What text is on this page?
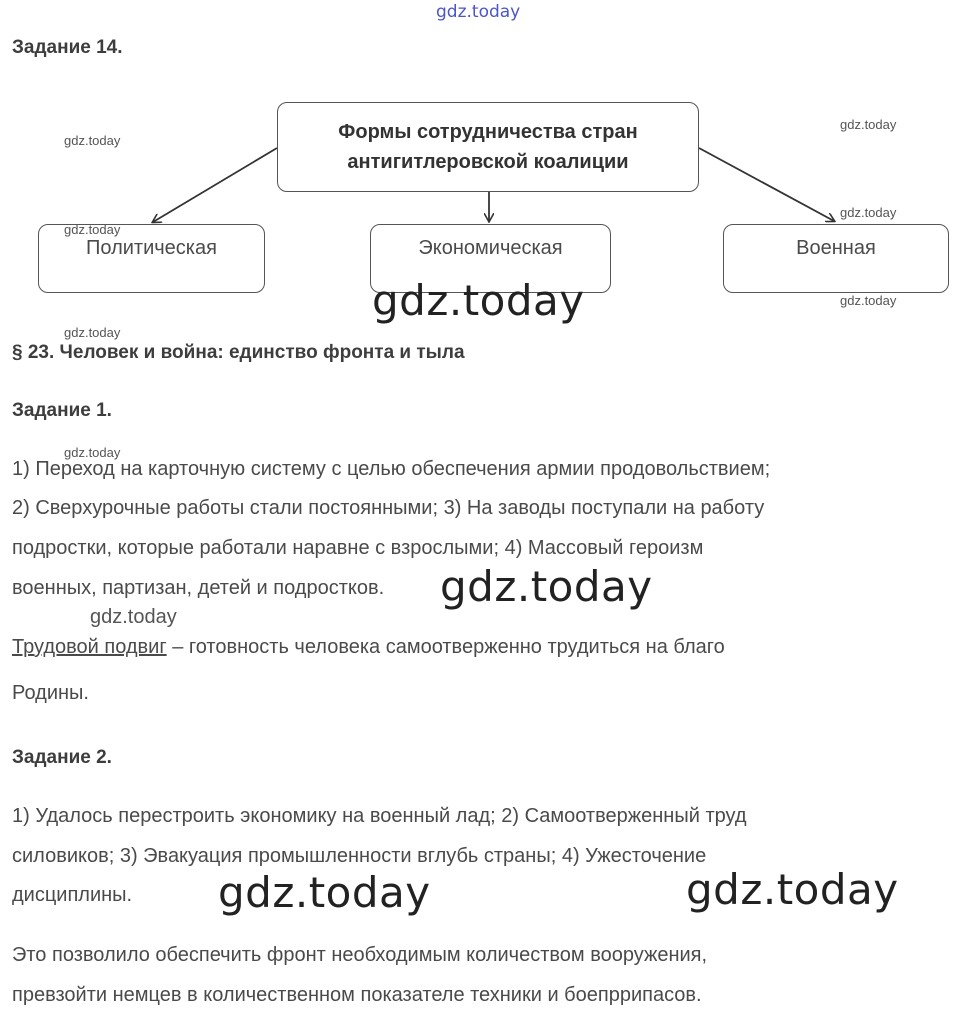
gdz.today
Задание 14.
Формы сотрудничества стран
антигитлеровской коалиции
Политическая	Экономическая	Военная
gdz.today
gdz.today
gdz.today
gdz.today
gdz.today
gdz.today
gdz.today
gdz.today
gdz.today
§ 23. Человек и война: единство фронта и тыла
Задание 1.
1) Переход на карточную систему с целью обеспечения армии продовольствием;
2) Сверхурочные работы стали постоянными; 3) На заводы поступали на работу
подростки, которые работали наравне с взрослыми; 4) Массовый героизм
военных, партизан, детей и подростков. gdz.today
Трудовой подвиг – готовность человека самоотверженно трудиться на благо
Родины.
Задание 2.
1) Удалось перестроить экономику на военный лад; 2) Самоотверженный труд
силовиков; 3) Эвакуация промышленности вглубь страны; 4) Ужесточение
дисциплины. gdz.today	gdz.today
Это позволило обеспечить фронт необходимым количеством вооружения,
превзойти немцев в количественном показателе техники и боепррипасов.
